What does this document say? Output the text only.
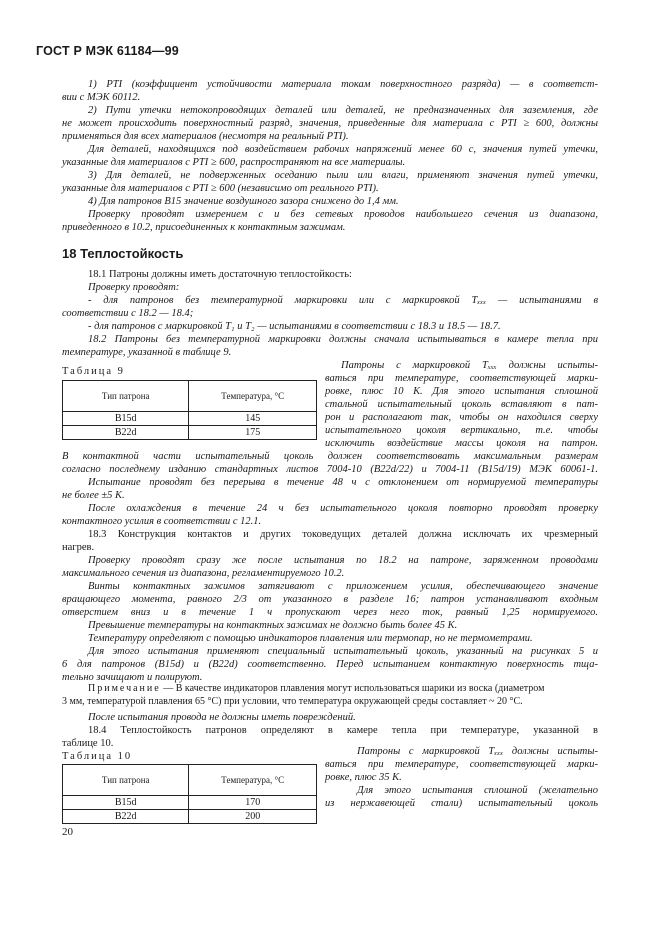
ГОСТ Р МЭК 61184—99
1) PTI (коэффициент устойчивости материала токам поверхностного разряда) — в соответст-
вии с МЭК 60112.
2) Пути утечки нетокопроводящих деталей или деталей, не предназначенных для заземления, где
не может происходить поверхностный разряд, значения, приведенные для материала с PTI ≥ 600, должны
применяться для всех материалов (несмотря на реальный PTI).
Для деталей, находящихся под воздействием рабочих напряжений менее 60 с, значения путей утечки,
указанные для материалов с PTI ≥ 600, распространяют на все материалы.
3) Для деталей, не подверженных оседанию пыли или влаги, применяют значения путей утечки,
указанные для материалов с PTI ≥ 600 (независимо от реального PTI).
4) Для патронов B15 значение воздушного зазора снижено до 1,4 мм.
Проверку проводят измерением с и без сетевых проводов наибольшего сечения из диапазона,
приведенного в 10.2, присоединенных к контактным зажимам.
18 Теплостойкость
18.1 Патроны должны иметь достаточную теплостойкость:
Проверку проводят:
- для патронов без температурной маркировки или с маркировкой Tₓₓₓ — испытаниями в
соответствии с 18.2 — 18.4;
- для патронов с маркировкой T₁ и T₂ — испытаниями в соответствии с 18.3 и 18.5 — 18.7.
18.2 Патроны без температурной маркировки должны сначала испытываться в камере тепла при
температуре, указанной в таблице 9.
Таблица 9
Тип патрона	Температура, °С
B15d	145
B22d	175
Патроны с маркировкой Tₓₓₓ должны испыты-
ваться при температуре, соответствующей марки-
ровке, плюс 10 К. Для этого испытания сплошной
стальной испытательный цоколь вставляют в пат-
рон и располагают так, чтобы он находился сверху
испытательного цоколя вертикально, т.е. чтобы
исключить воздействие массы цоколя на патрон.
В контактной части испытательный цоколь должен соответствовать максимальным размерам
согласно последнему изданию стандартных листов 7004-10 (B22d/22) и 7004-11 (B15d/19) МЭК 60061-1.
Испытание проводят без перерыва в течение 48 ч с отклонением от нормируемой температуры
не более ±5 К.
После охлаждения в течение 24 ч без испытательного цоколя повторно проводят проверку
контактного усилия в соответствии с 12.1.
18.3 Конструкция контактов и других токоведущих деталей должна исключать их чрезмерный
нагрев.
Проверку проводят сразу же после испытания по 18.2 на патроне, заряженном проводами
максимального сечения из диапазона, регламентируемого 10.2.
Винты контактных зажимов затягивают с приложением усилия, обеспечивающего значение
вращающего момента, равного 2/3 от указанного в разделе 16; патрон устанавливают входным
отверстием вниз и в течение 1 ч пропускают через него ток, равный 1,25 нормируемого.
Превышение температуры на контактных зажимах не должно быть более 45 К.
Температуру определяют с помощью индикаторов плавления или термопар, но не термометрами.
Для этого испытания применяют специальный испытательный цоколь, указанный на рисунках 5 и
6 для патронов (B15d) и (B22d) соответственно. Перед испытанием контактную поверхность тща-
тельно зачищают и полируют.
Примечание — В качестве индикаторов плавления могут использоваться шарики из воска (диаметром
3 мм, температурой плавления 65 °С) при условии, что температура окружающей среды составляет ~ 20 °С.
После испытания провода не должны иметь повреждений.
18.4 Теплостойкость патронов определяют в камере тепла при температуре, указанной в
таблице 10.
Таблица 10
Тип патрона	Температура, °С
B15d	170
B22d	200
Патроны с маркировкой Tₓₓₓ должны испыты-
ваться при температуре, соответствующей марки-
ровке, плюс 35 К.
Для этого испытания сплошной (желательно
из нержавеющей стали) испытательный цоколь
20
